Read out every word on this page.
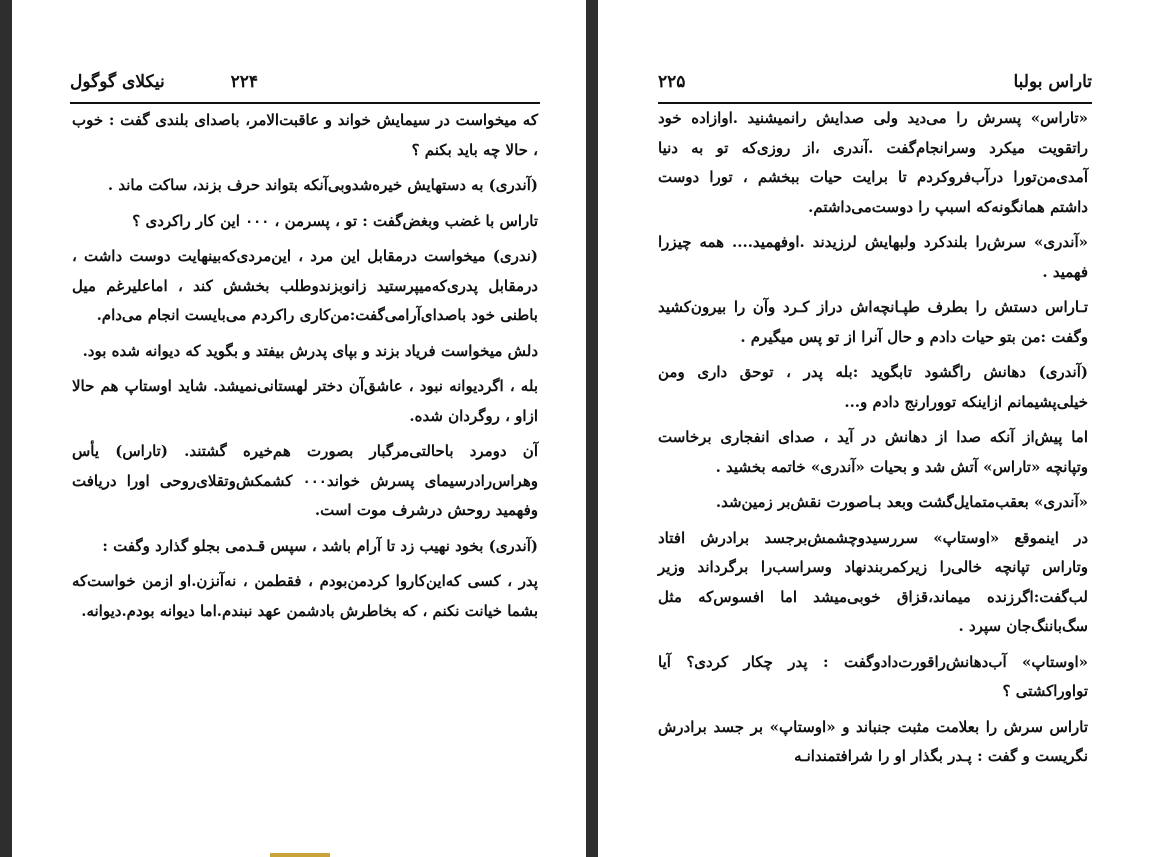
۲۲۴
نیکلای گوگول

که میخواست در سیمایش خواند و عاقبت‌الامر، باصدای بلندی گفت : خوب ، حالا چه باید بکنم ؟

(آندری) به دستهایش خیره‌شدوبی‌آنکه بتواند حرف بزند، ساکت ماند .

تاراس با غضب وبغض‌گفت : تو ، پسرمن ، ۰۰۰ این کار راکردی ؟

(ندری) میخواست درمقابل این مرد ، این‌مردی‌که‌بینهایت دوست داشت ، درمقابل پدری‌که‌میپرستید زانوبزندوطلب بخشش کند ، اماعلیرغم میل باطنی خود باصدای‌آرامی‌گفت:من‌کاری راکردم می‌بایست انجام می‌دام.

دلش میخواست فریاد بزند و بپای پدرش بیفتد و بگوید که دیوانه شده بود.

بله ، اگردیوانه نبود ، عاشق‌آن دختر لهستانی‌نمیشد. شاید اوستاپ هم حالا ازاو ، روگردان شده.

آن دومرد باحالتی‌مرگبار بصورت هم‌خیره گشتند. (تاراس) یأس وهراس‌رادرسیمای پسرش خواند۰۰۰ کشمکش‌وتقلای‌روحی اورا دریافت وفهمید روحش درشرف موت است.

(آندری) بخود نهیب زد تا آرام باشد ، سپس قـدمی بجلو گذارد وگفت :

پدر ، کسی که‌این‌کاروا کردمن‌بودم ، فقطمن ، نه‌آنزن.او ازمن خواست‌که بشما خیانت نکنم ، که بخاطرش بادشمن عهد نبندم.اما دیوانه بودم.دیوانه.

تاراس بولبا
۲۲۵

«تاراس» پسرش را می‌دید ولی صدایش رانمیشنید .اوازاده خود راتقویت میکرد وسرانجام‌گفت .آندری ،از روزی‌که تو به دنیا آمدی‌من‌تورا درآب‌فروکردم تا برایت حیات ببخشم ، تورا دوست داشتم همانگونه‌که اسبپ را دوست‌می‌داشتم.

«آندری» سرش‌را بلندکرد ولبهایش لرزیدند .اوفهمید.... همه چیزرا فهمید .

تـاراس دستش را بطرف طپـانچه‌اش دراز کـرد وآن را بیرون‌کشید وگفت :من بتو حیات دادم و حال آنرا از تو پس میگیرم .

(آندری) دهانش راگشود تابگوید :بله پدر ، توحق داری ومن خیلی‌پشیمانم ازاینکه توورا‌رنج دادم و...

اما پیش‌از آنکه صدا از دهانش در آید ، صدای انفجاری برخاست وتپانچه «تاراس» آتش شد و بحیات «آندری» خاتمه بخشید .

«آندری» بعقب‌متمایل‌گشت وبعد بـاصورت نقش‌بر زمین‌شد.

در اینموقع «اوستاپ» سررسیدوچشمش‌برجسد برادرش افتاد وتاراس تپانچه خالی‌را زیرکمربندنهاد وسراسب‌را برگرداند وزیر لب‌گفت:اگرزنده میماند،قزاق خوبی‌میشد اما افسوس‌که مثل سگ‌باننگ‌جان سپرد .

«اوستاپ» آب‌دهانش‌راقورت‌دادوگفت : پدر چکار کردی؟ آیا تواوراکشتی ؟

تاراس سرش را بعلامت مثبت جنباند و «اوستاپ» بر جسد برادرش نگریست و گفت : پـدر بگذار او را شرافتمندانـه
